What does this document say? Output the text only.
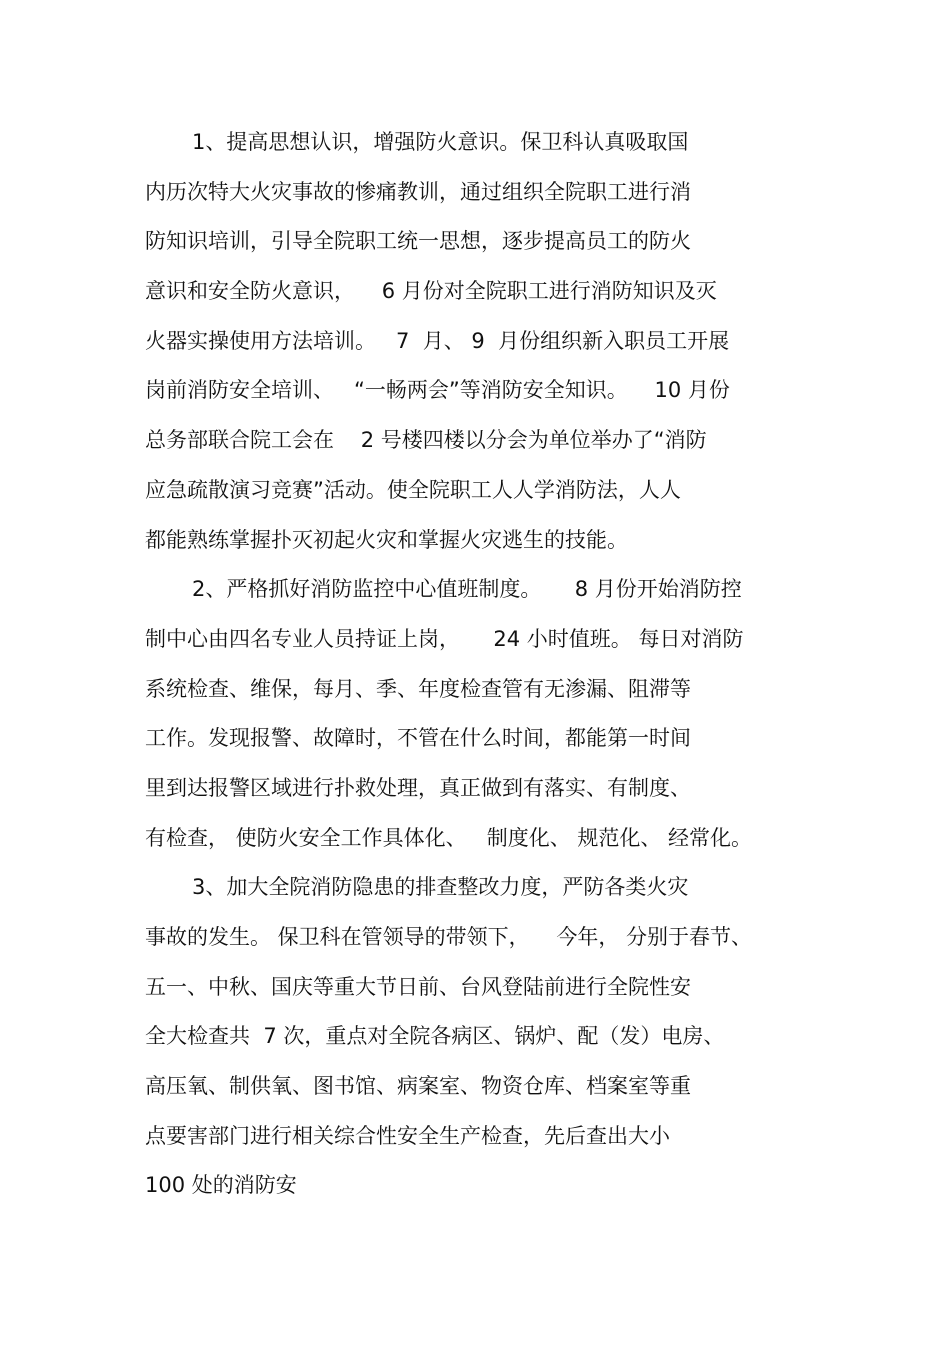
1、提高思想认识，增强防火意识。保卫科认真吸取国
内历次特大火灾事故的惨痛教训，通过组织全院职工进行消
防知识培训，引导全院职工统一思想，逐步提高员工的防火
意识和安全防火意识，    6 月份对全院职工进行消防知识及灭
火器实操使用方法培训。   7  月、 9  月份组织新入职员工开展
岗前消防安全培训、   “一畅两会”等消防安全知识。    10 月份
总务部联合院工会在    2 号楼四楼以分会为单位举办了“消防
应急疏散演习竞赛”活动。使全院职工人人学消防法，人人
都能熟练掌握扑灭初起火灾和掌握火灾逃生的技能。
2、严格抓好消防监控中心值班制度。     8 月份开始消防控
制中心由四名专业人员持证上岗，     24 小时值班。 每日对消防
系统检查、维保，每月、季、年度检查管有无渗漏、阻滞等
工作。发现报警、故障时，不管在什么时间，都能第一时间
里到达报警区域进行扑救处理，真正做到有落实、有制度、
有检查， 使防火安全工作具体化、   制度化、 规范化、 经常化。
3、加大全院消防隐患的排查整改力度，严防各类火灾
事故的发生。 保卫科在管领导的带领下，    今年， 分别于春节、
五一、中秋、国庆等重大节日前、台风登陆前进行全院性安
全大检查共  7 次，重点对全院各病区、锅炉、配（发）电房、
高压氧、制供氧、图书馆、病案室、物资仓库、档案室等重
点要害部门进行相关综合性安全生产检查，先后查出大小
100 处的消防安
